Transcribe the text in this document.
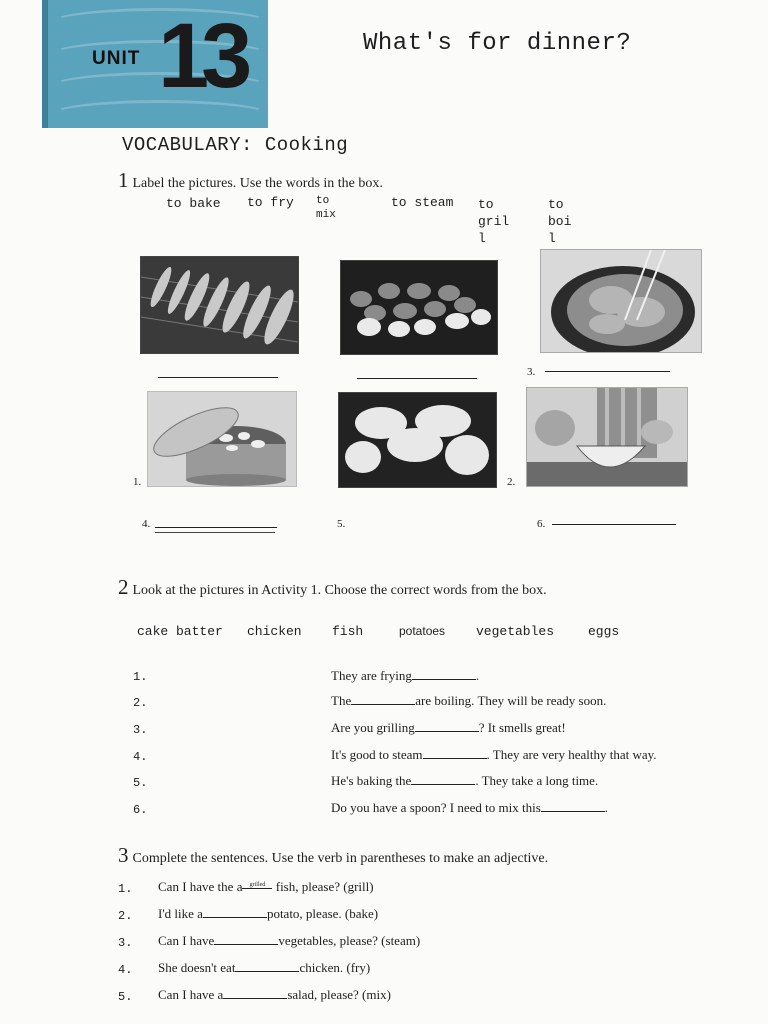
UNIT 13	What's for dinner?
VOCABULARY: Cooking
1 Label the pictures. Use the words in the box.
to bake to fry to
mix
to steam to
gril
l
to
boi
l
3.
1.	2.
4.	5.	6.
2 Look at the pictures in Activity 1. Choose the correct words from the box.
cake batter chicken fish	potatoes vegetables	eggs
1.	They are frying	.
2.	The	are boiling. They will be ready soon.
3.	Are you grilling	? It smells great!
4.	It's good to steam	. They are very healthy that way.
5.	He's baking the	. They take a long time.
6.	Do you have a spoon? I need to mix this	.
3 Complete the sentences. Use the verb in parentheses to make an adjective.
1. Can I have the a grilled fish, please? (grill)
2. I'd like a	potato, please. (bake)
3. Can I have	vegetables, please? (steam)
4. She doesn't eat	chicken. (fry)
5. Can I have a	salad, please? (mix)
